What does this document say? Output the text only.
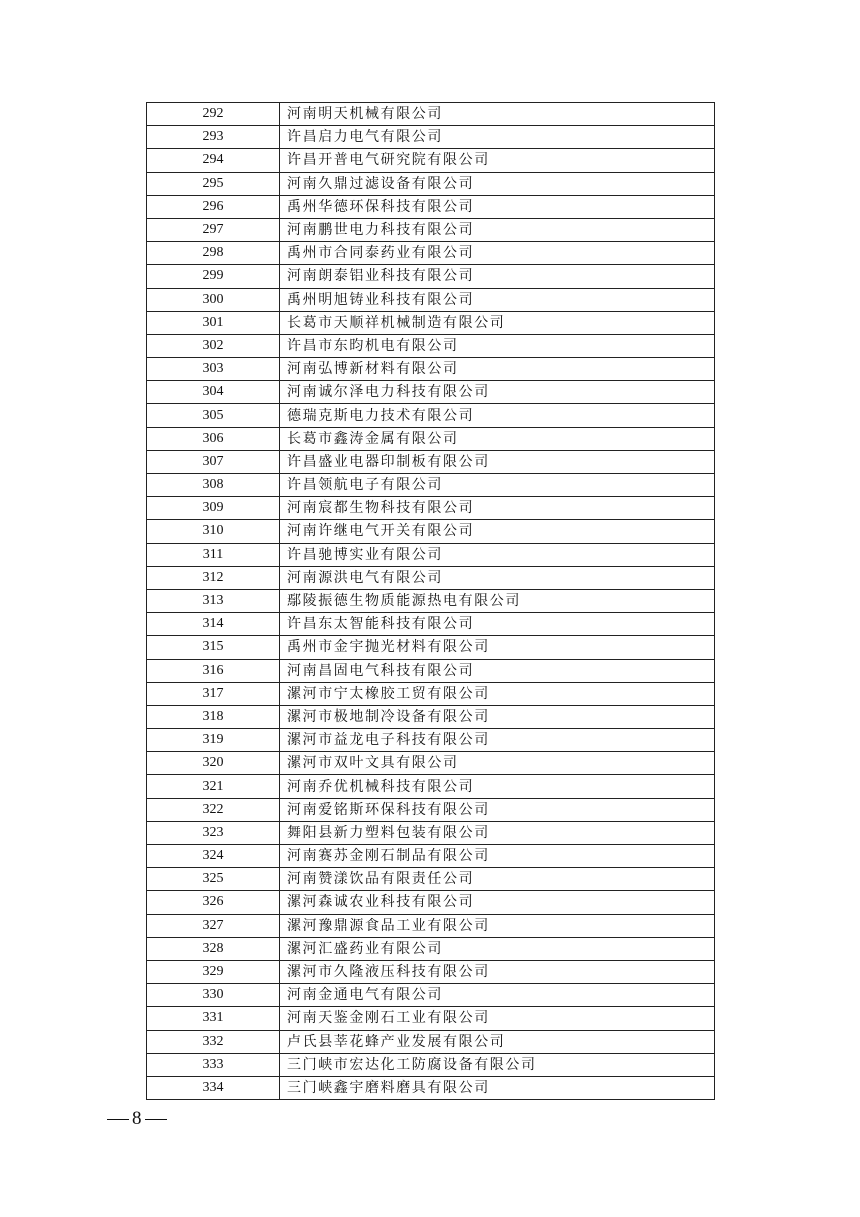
292	河南明天机械有限公司
293	许昌启力电气有限公司
294	许昌开普电气研究院有限公司
295	河南久鼎过滤设备有限公司
296	禹州华德环保科技有限公司
297	河南鹏世电力科技有限公司
298	禹州市合同泰药业有限公司
299	河南朗泰铝业科技有限公司
300	禹州明旭铸业科技有限公司
301	长葛市天顺祥机械制造有限公司
302	许昌市东昀机电有限公司
303	河南弘博新材料有限公司
304	河南诚尔泽电力科技有限公司
305	德瑞克斯电力技术有限公司
306	长葛市鑫涛金属有限公司
307	许昌盛业电器印制板有限公司
308	许昌领航电子有限公司
309	河南宸都生物科技有限公司
310	河南许继电气开关有限公司
311	许昌驰博实业有限公司
312	河南源洪电气有限公司
313	鄢陵振德生物质能源热电有限公司
314	许昌东太智能科技有限公司
315	禹州市金宇抛光材料有限公司
316	河南昌固电气科技有限公司
317	漯河市宁太橡胶工贸有限公司
318	漯河市极地制冷设备有限公司
319	漯河市益龙电子科技有限公司
320	漯河市双叶文具有限公司
321	河南乔优机械科技有限公司
322	河南爱铭斯环保科技有限公司
323	舞阳县新力塑料包装有限公司
324	河南赛苏金刚石制品有限公司
325	河南赞漾饮品有限责任公司
326	漯河森诚农业科技有限公司
327	漯河豫鼎源食品工业有限公司
328	漯河汇盛药业有限公司
329	漯河市久隆液压科技有限公司
330	河南金通电气有限公司
331	河南天鉴金刚石工业有限公司
332	卢氏县莘花蜂产业发展有限公司
333	三门峡市宏达化工防腐设备有限公司
334	三门峡鑫宇磨料磨具有限公司
8
